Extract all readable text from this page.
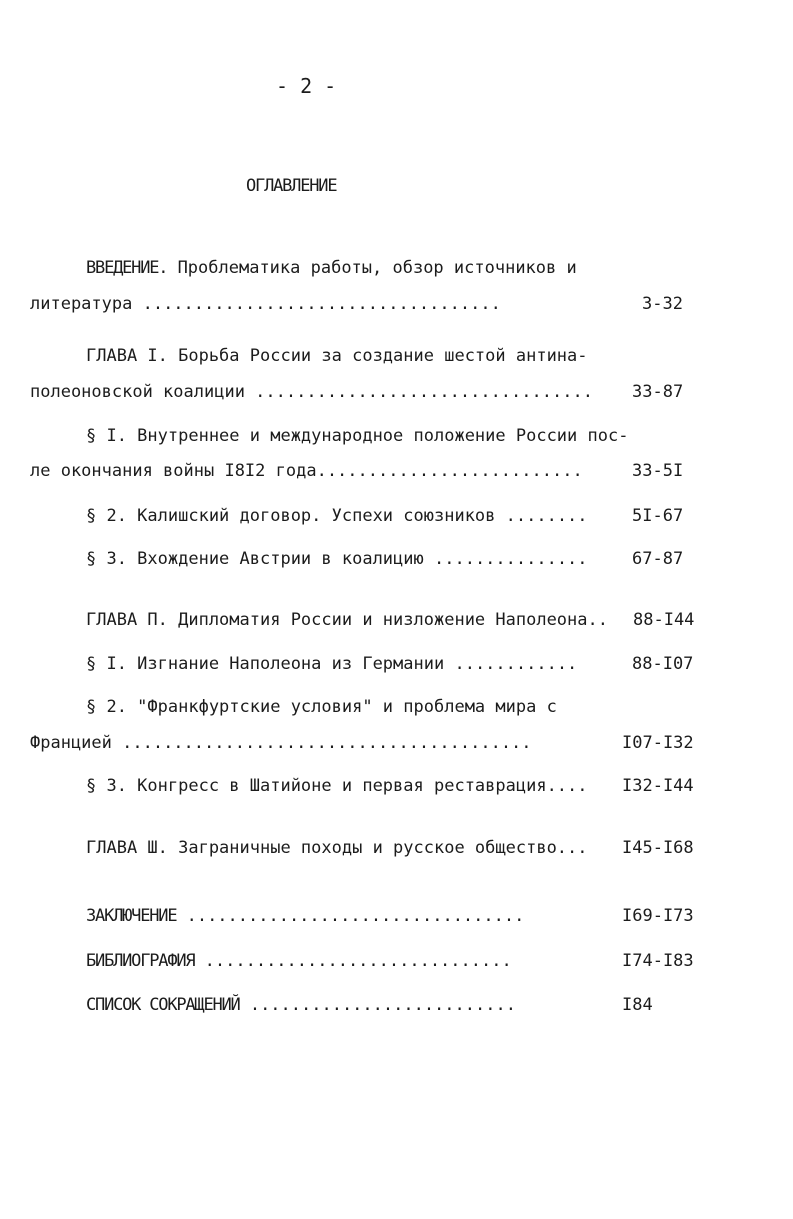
- 2 -
ОГЛАВЛЕНИЕ
ВВЕДЕНИЕ. Проблематика работы, обзор источников и
литература ...................................	3-32
ГЛАВА I. Борьба России за создание шестой антина-
полеоновской коалиции ................................. 33-87
§ I. Внутреннее и международное положение России пос-
ле окончания войны I8I2 года..........................	33-5I
§ 2. Калишский договор. Успехи союзников ........	5I-67
§ 3. Вхождение Австрии в коалицию ...............	67-87
ГЛАВА П. Дипломатия России и низложение Наполеона.. 88-I44
§ I. Изгнание Наполеона из Германии ............	88-I07
§ 2. "Франкфуртские условия" и проблема мира с
Францией ........................................	I07-I32
§ 3. Конгресс в Шатийоне и первая реставрация.... I32-I44
ГЛАВА Ш. Заграничные походы и русское общество... I45-I68
ЗАКЛЮЧЕНИЕ .................................	I69-I73
БИБЛИОГРАФИЯ ..............................	I74-I83
СПИСОК СОКРАЩЕНИЙ ..........................	I84
